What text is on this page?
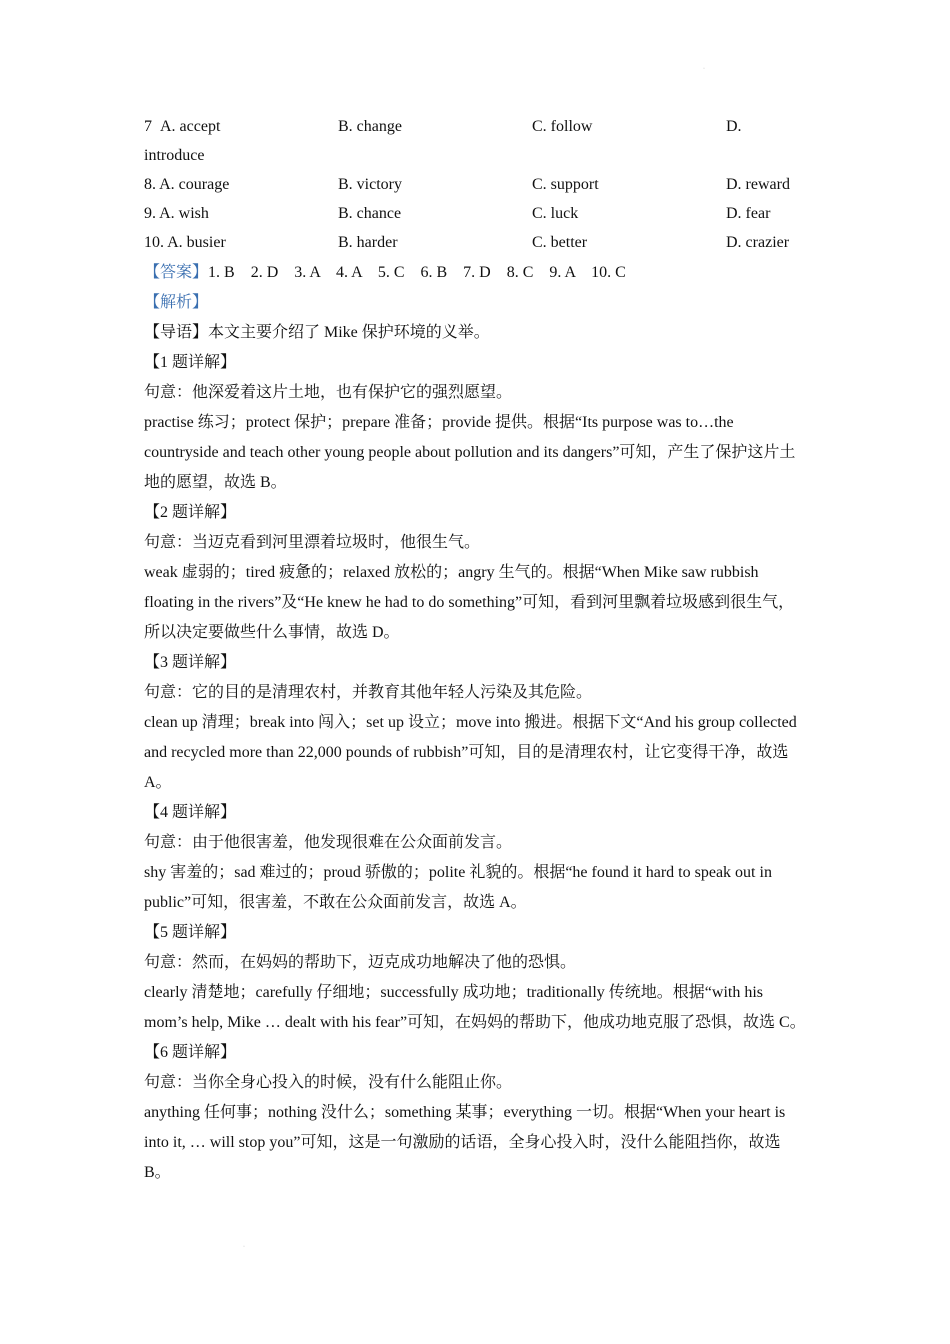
·
·
7 A. accept	B. change	C. follow	D.
introduce
8. A. courage	B. victory	C. support	D. reward
9. A. wish	B. chance	C. luck	D. fear
10. A. busier	B. harder	C. better	D. crazier
【答案】1. B    2. D    3. A    4. A    5. C    6. B    7. D    8. C    9. A    10. C
【解析】
【导语】本文主要介绍了 Mike 保护环境的义举。
【1 题详解】
句意：他深爱着这片土地，也有保护它的强烈愿望。

practise 练习；protect 保护；prepare 准备；provide 提供。根据“Its purpose was to…the countryside and teach other young people about pollution and its dangers”可知，产生了保护这片土地的愿望，故选 B。

【2 题详解】
句意：当迈克看到河里漂着垃圾时，他很生气。

weak 虚弱的；tired 疲惫的；relaxed 放松的；angry 生气的。根据“When Mike saw rubbish floating in the rivers”及“He knew he had to do something”可知，看到河里飘着垃圾感到很生气，所以决定要做些什么事情，故选 D。

【3 题详解】
句意：它的目的是清理农村，并教育其他年轻人污染及其危险。

clean up 清理；break into 闯入；set up 设立；move into 搬进。根据下文“And his group collected and recycled more than 22,000 pounds of rubbish”可知，目的是清理农村，让它变得干净，故选 A。

【4 题详解】
句意：由于他很害羞，他发现很难在公众面前发言。

shy 害羞的；sad 难过的；proud 骄傲的；polite 礼貌的。根据“he found it hard to speak out in public”可知，很害羞，不敢在公众面前发言，故选 A。

【5 题详解】
句意：然而，在妈妈的帮助下，迈克成功地解决了他的恐惧。

clearly 清楚地；carefully 仔细地；successfully 成功地；traditionally 传统地。根据“with his mom’s help, Mike … dealt with his fear”可知，在妈妈的帮助下，他成功地克服了恐惧，故选 C。

【6 题详解】
句意：当你全身心投入的时候，没有什么能阻止你。

anything 任何事；nothing 没什么；something 某事；everything 一切。根据“When your heart is into it, … will stop you”可知，这是一句激励的话语，全身心投入时，没什么能阻挡你，故选 B。
